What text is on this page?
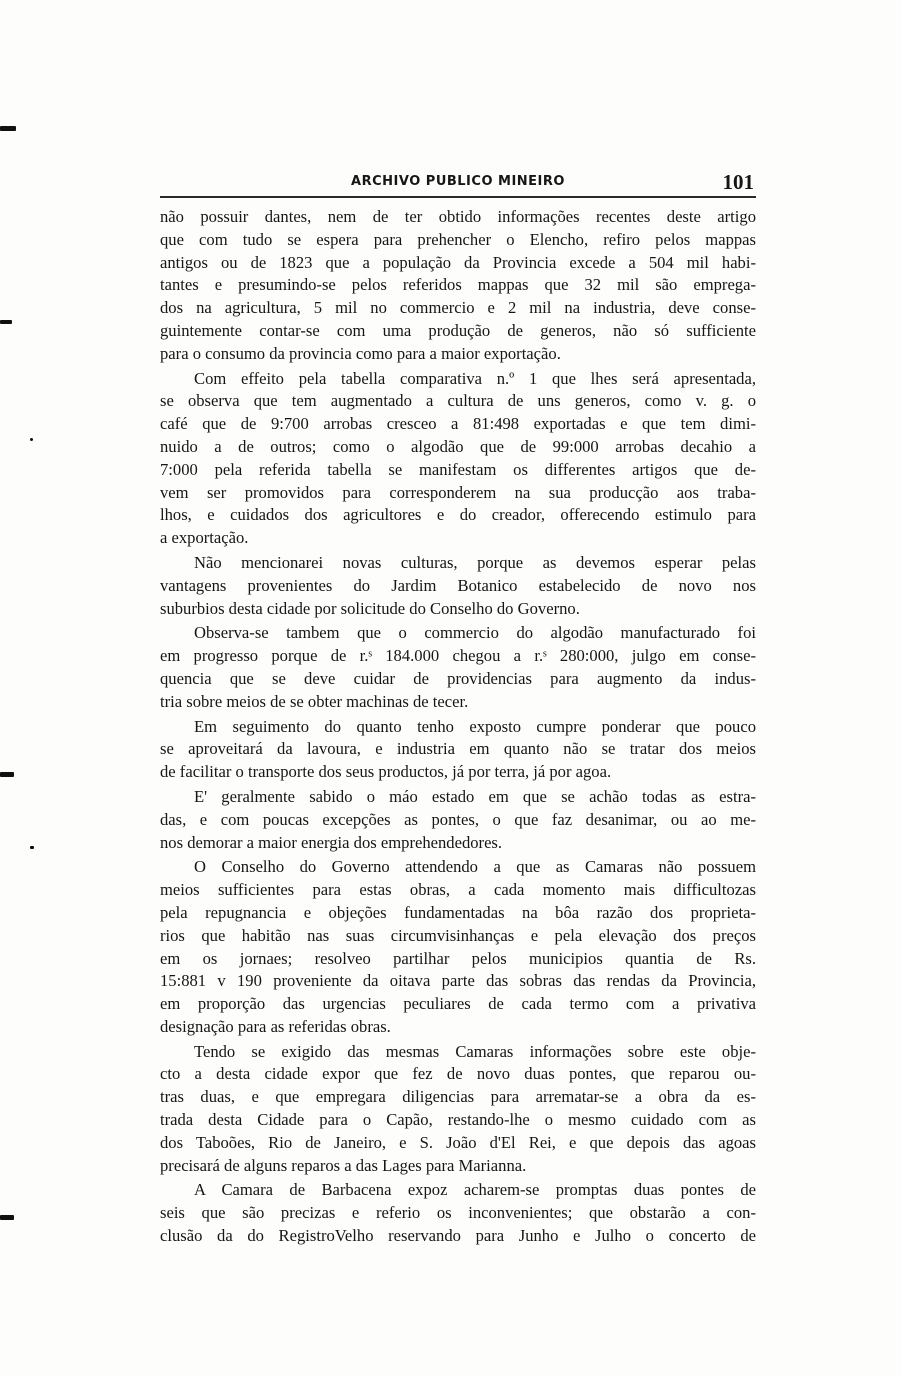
ARCHIVO PUBLICO MINEIRO	101

não possuir dantes, nem de ter obtido informações recentes deste artigo
que com tudo se espera para prehencher o Elencho, refiro pelos mappas
antigos ou de 1823 que a população da Provincia excede a 504 mil habi-
tantes e presumindo-se pelos referidos mappas que 32 mil são emprega-
dos na agricultura, 5 mil no commercio e 2 mil na industria, deve conse-
guintemente contar-se com uma produção de generos, não só sufficiente
para o consumo da provincia como para a maior exportação.

Com effeito pela tabella comparativa n.º 1 que lhes será apresentada,
se observa que tem augmentado a cultura de uns generos, como v. g. o
café que de 9:700 arrobas cresceo a 81:498 exportadas e que tem dimi-
nuido a de outros; como o algodão que de 99:000 arrobas decahio a
7:000 pela referida tabella se manifestam os differentes artigos que de-
vem ser promovidos para corresponderem na sua producção aos traba-
lhos, e cuidados dos agricultores e do creador, offerecendo estimulo para
a exportação.

Não mencionarei novas culturas, porque as devemos esperar pelas
vantagens provenientes do Jardim Botanico estabelecido de novo nos
suburbios desta cidade por solicitude do Conselho do Governo.

Observa-se tambem que o commercio do algodão manufacturado foi
em progresso porque de r.ˢ 184.000 chegou a r.ˢ 280:000, julgo em conse-
quencia que se deve cuidar de providencias para augmento da indus-
tria sobre meios de se obter machinas de tecer.

Em seguimento do quanto tenho exposto cumpre ponderar que pouco
se aproveitará da lavoura, e industria em quanto não se tratar dos meios
de facilitar o transporte dos seus productos, já por terra, já por agoa.

E' geralmente sabido o máo estado em que se achão todas as estra-
das, e com poucas excepções as pontes, o que faz desanimar, ou ao me-
nos demorar a maior energia dos emprehendedores.

O Conselho do Governo attendendo a que as Camaras não possuem
meios sufficientes para estas obras, a cada momento mais difficultozas
pela repugnancia e objeções fundamentadas na bôa razão dos proprieta-
rios que habitão nas suas circumvisinhanças e pela elevação dos preços
em os jornaes; resolveo partilhar pelos municipios quantia de Rs.
15:881 v 190 proveniente da oitava parte das sobras das rendas da Provincia,
em proporção das urgencias peculiares de cada termo com a privativa
designação para as referidas obras.

Tendo se exigido das mesmas Camaras informações sobre este obje-
cto a desta cidade expor que fez de novo duas pontes, que reparou ou-
tras duas, e que empregara diligencias para arrematar-se a obra da es-
trada desta Cidade para o Capão, restando-lhe o mesmo cuidado com as
dos Taboões, Rio de Janeiro, e S. João d'El Rei, e que depois das agoas
precisará de alguns reparos a das Lages para Marianna.

A Camara de Barbacena expoz acharem-se promptas duas pontes de
seis que são precizas e referio os inconvenientes; que obstarão a con-
clusão da do RegistroVelho reservando para Junho e Julho o concerto de
